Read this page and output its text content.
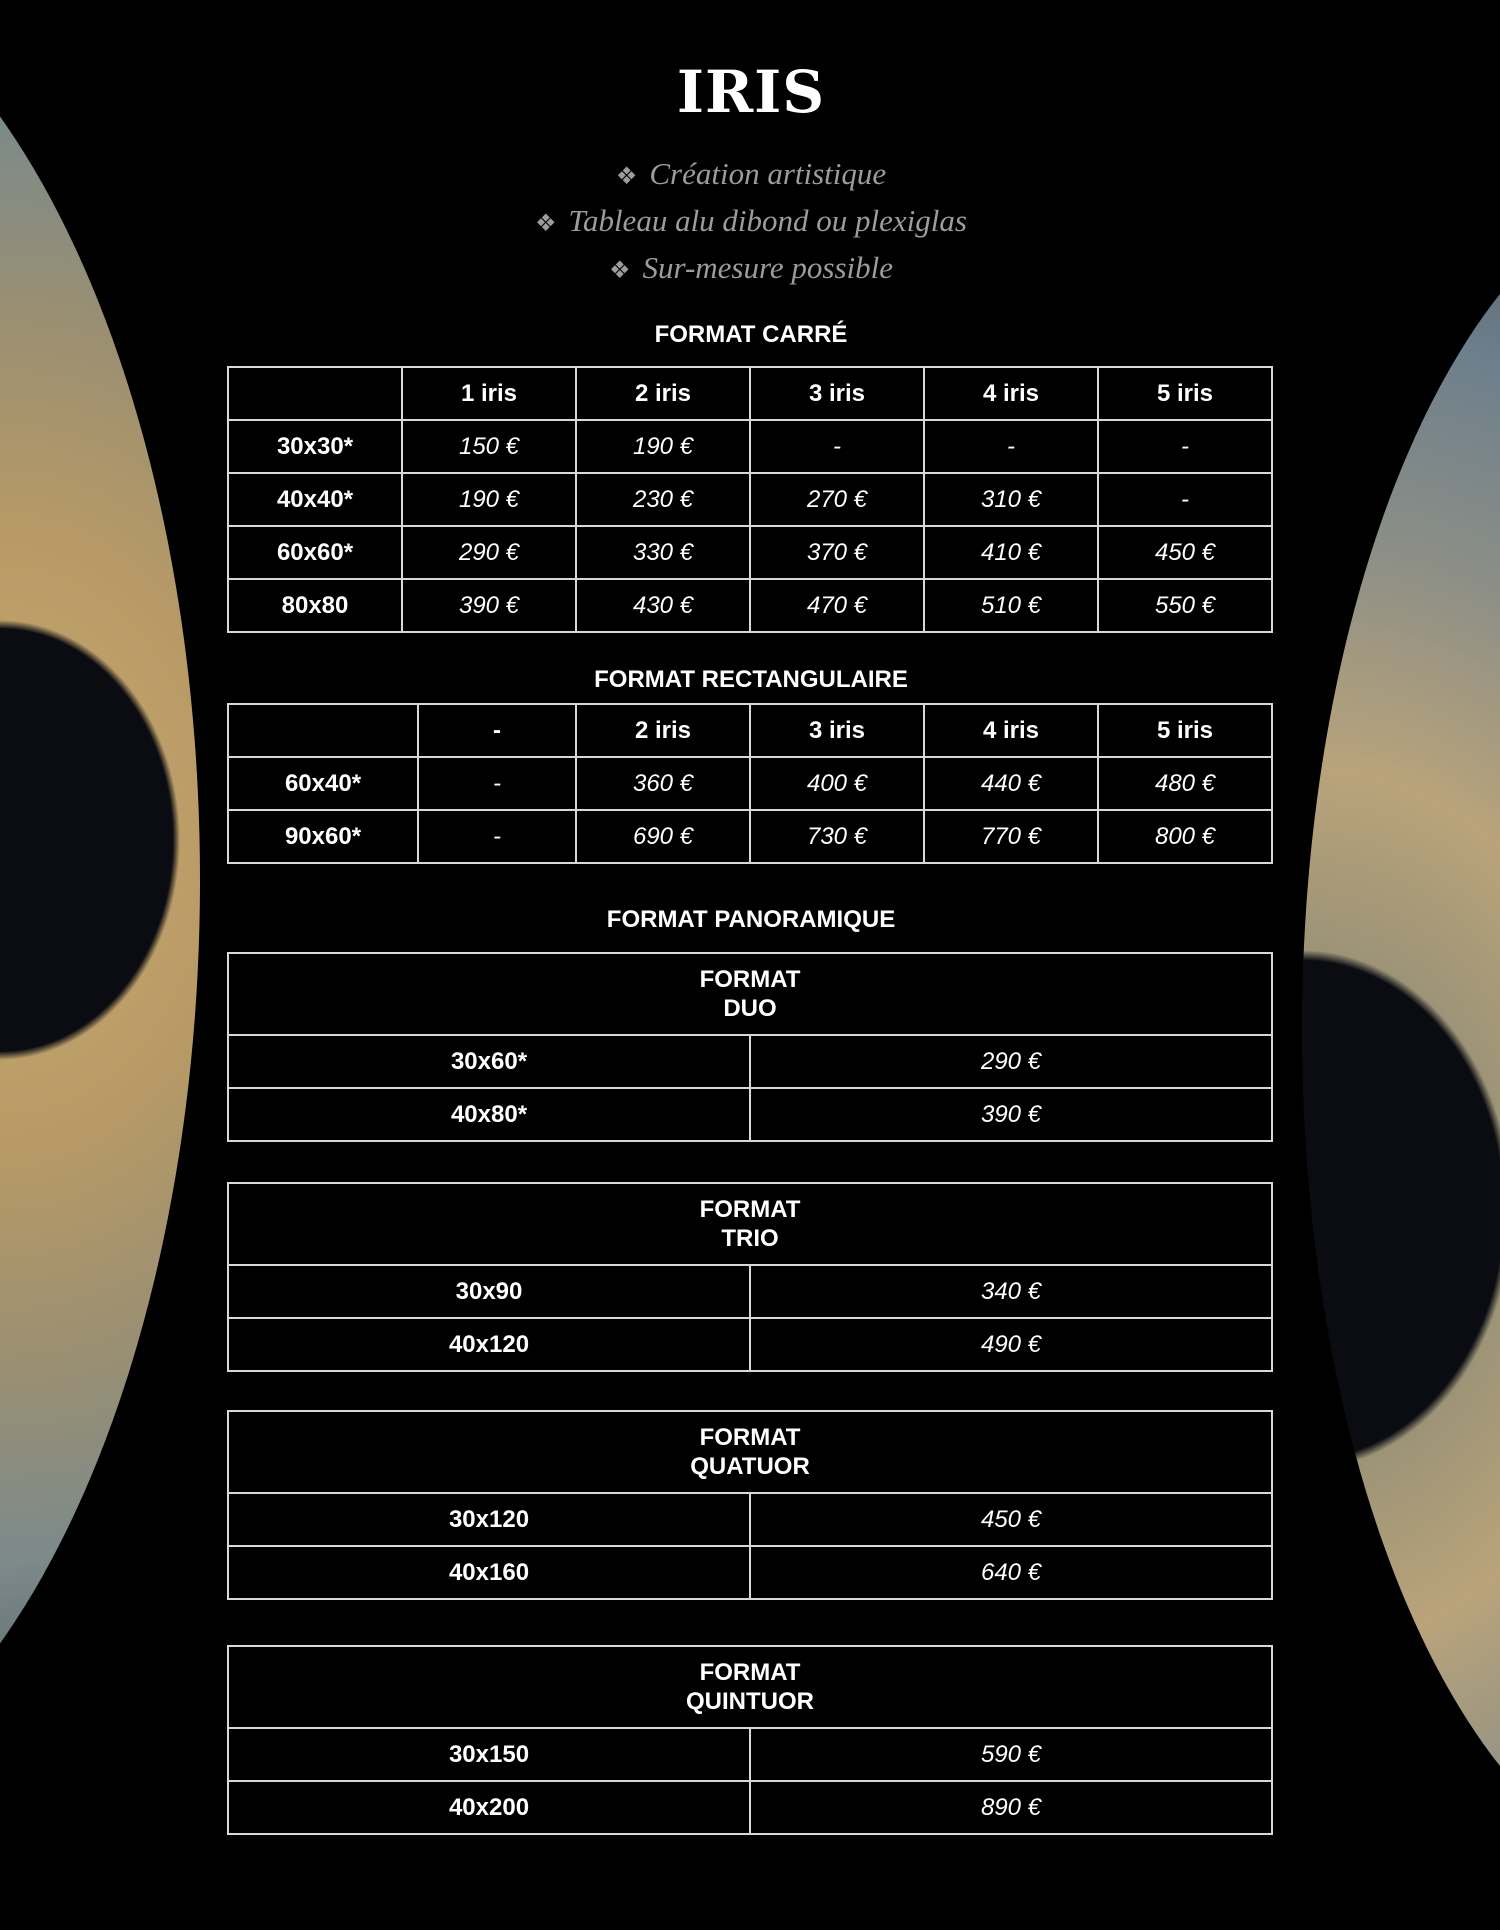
IRIS
❖ Création artistique
❖ Tableau alu dibond ou plexiglas
❖ Sur-mesure possible
FORMAT CARRÉ
	1 iris	2 iris	3 iris	4 iris	5 iris
30x30*	150 €	190 €	-	-	-
40x40*	190 €	230 €	270 €	310 €	-
60x60*	290 €	330 €	370 €	410 €	450 €
80x80	390 €	430 €	470 €	510 €	550 €
FORMAT RECTANGULAIRE
	-	2 iris	3 iris	4 iris	5 iris
60x40*	-	360 €	400 €	440 €	480 €
90x60*	-	690 €	730 €	770 €	800 €
FORMAT PANORAMIQUE
FORMAT
DUO	
30x60*	290 €
40x80*	390 €
FORMAT
TRIO	
30x90	340 €
40x120	490 €
FORMAT
QUATUOR	
30x120	450 €
40x160	640 €
FORMAT
QUINTUOR	
30x150	590 €
40x200	890 €
